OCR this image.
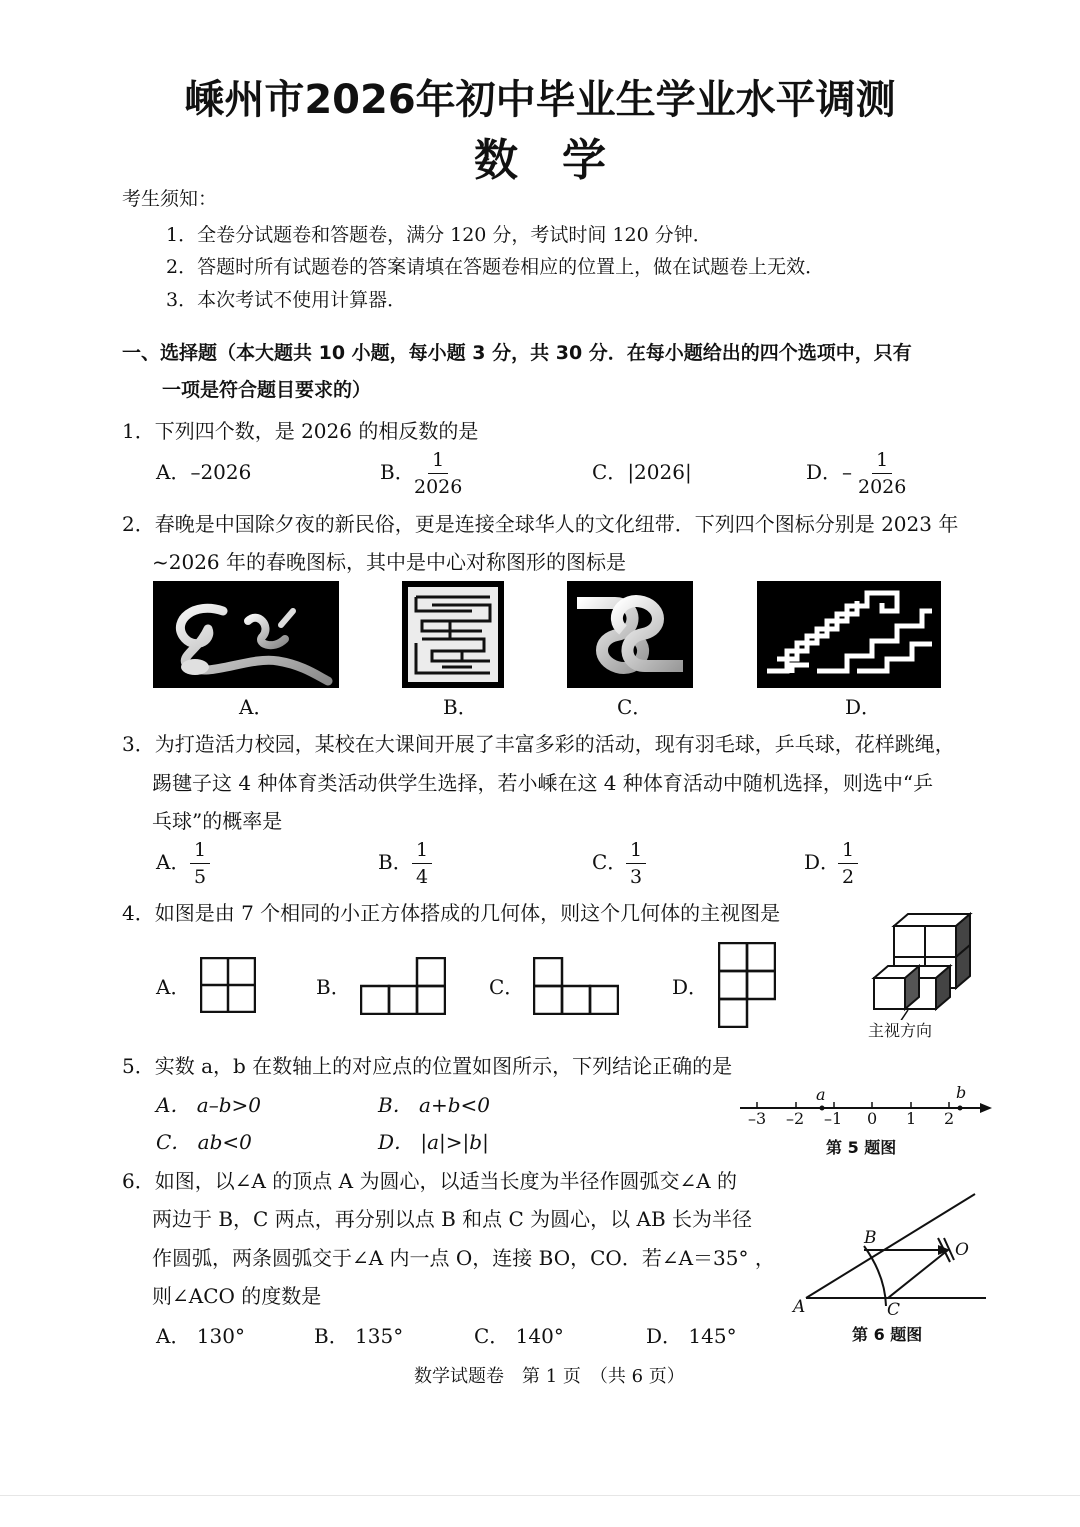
嵊州市2026年初中毕业生学业水平调测
数　学
考生须知：
1．全卷分试题卷和答题卷，满分 120 分，考试时间 120 分钟．
2．答题时所有试题卷的答案请填在答题卷相应的位置上，做在试题卷上无效．
3．本次考试不使用计算器．
一、选择题（本大题共 10 小题，每小题 3 分，共 30 分．在每小题给出的四个选项中，只有
一项是符合题目要求的）
1．下列四个数，是 2026 的相反数的是
A．–2026	B． $\frac{1}{2026}$	C．|2026|	D．– $\frac{1}{2026}$
2．春晚是中国除夕夜的新民俗，更是连接全球华人的文化纽带．下列四个图标分别是 2023 年
~2026 年的春晚图标，其中是中心对称图形的图标是
A．	B．	C．	D．
3．为打造活力校园，某校在大课间开展了丰富多彩的活动，现有羽毛球，乒乓球，花样跳绳，
踢毽子这 4 种体育类活动供学生选择，若小嵊在这 4 种体育活动中随机选择，则选中“乒
乓球”的概率是
A． $\frac{1}{5}$	B． $\frac{1}{4}$	C．
$\frac{1}{3}$	D．
$\frac{1}{2}$
4．如图是由 7 个相同的小正方体搭成的几何体，则这个几何体的主视图是
A．	B．	C．	D．
主视方向
5．实数 a，b 在数轴上的对应点的位置如图所示，下列结论正确的是
A． a–b>0	B． a+b<0
C． ab<0	D． |a|>|b|
–3 –2 –1 0 1 2
a	b
第 5 题图
6．如图，以∠A 的顶点 A 为圆心，以适当长度为半径作圆弧交∠A 的
两边于 B，C 两点，再分别以点 B 和点 C 为圆心，以 AB 长为半径
作圆弧，两条圆弧交于∠A 内一点 O，连接 BO，CO．若∠A＝35° ，
则∠ACO 的度数是
A． 130°	B． 135°	C． 140°	D． 145°
A
B
C
O
第 6 题图
数学试题卷　第 1 页　（共 6 页）
